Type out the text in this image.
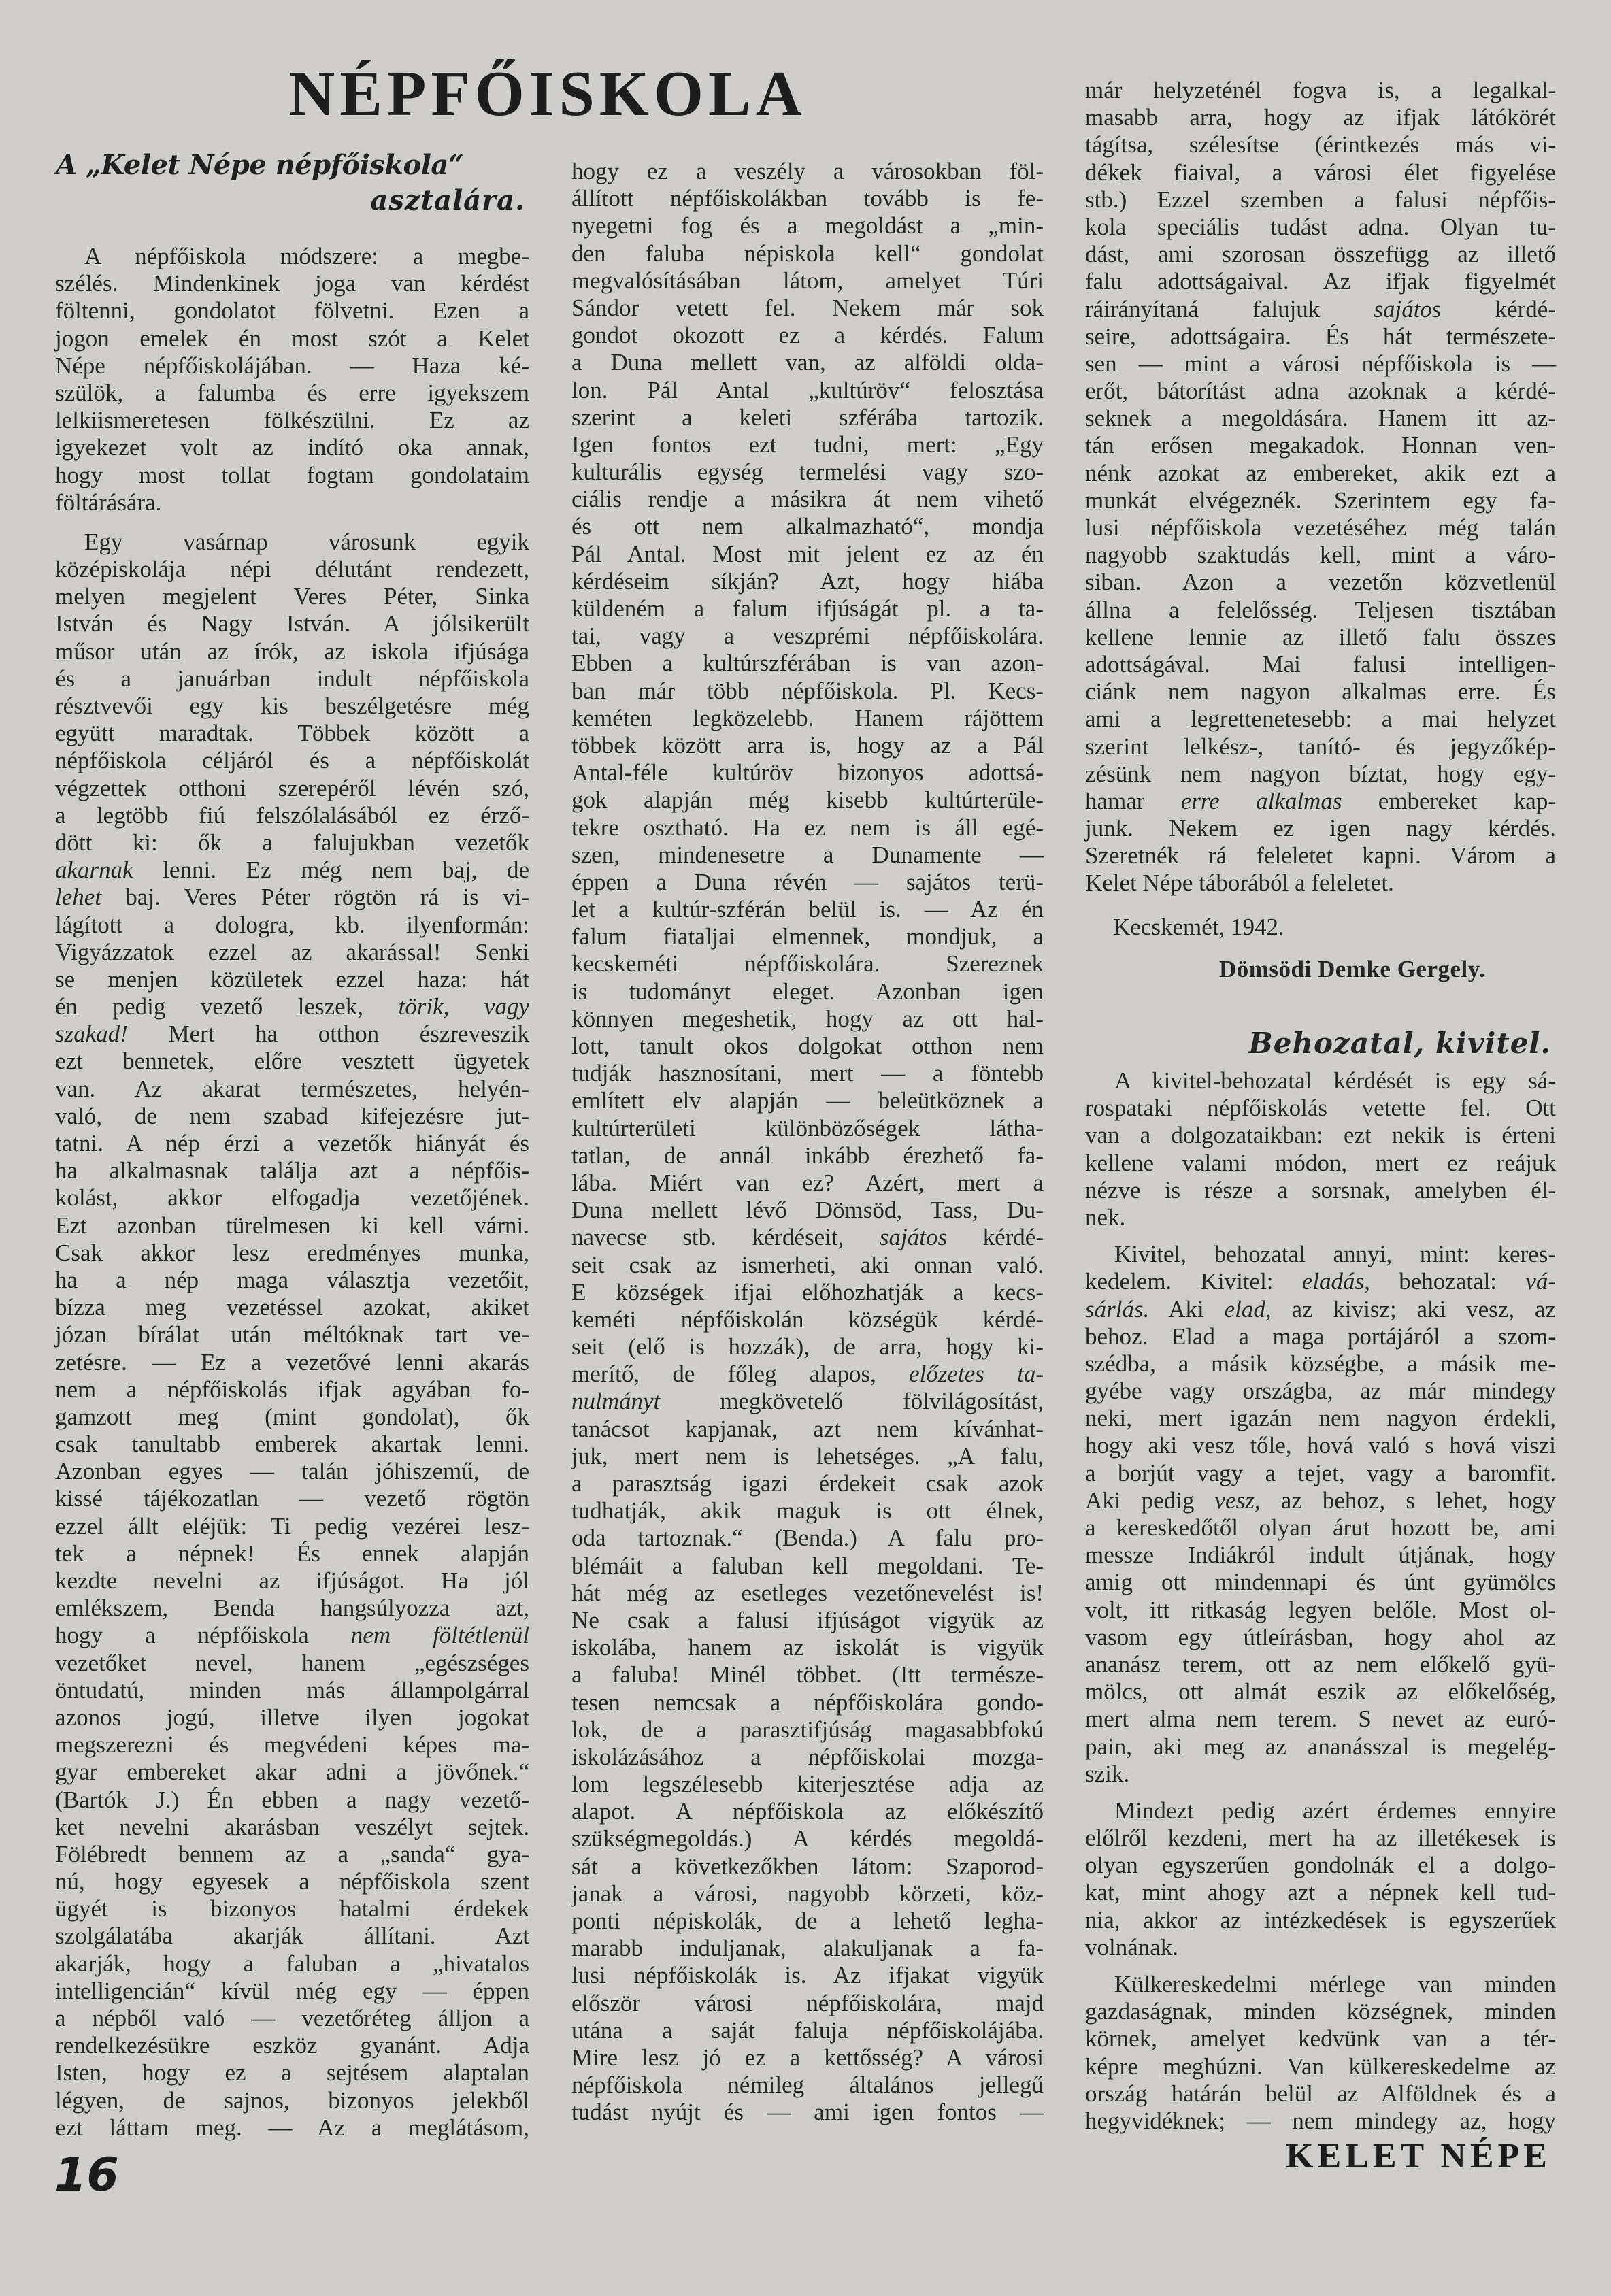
NÉPFŐISKOLA
A „Kelet Népe népfőiskola“
asztalára.
A népfőiskola módszere: a megbe-
szélés. Mindenkinek joga van kérdést
föltenni, gondolatot fölvetni. Ezen a
jogon emelek én most szót a Kelet
Népe népfőiskolájában. — Haza ké-
szülök, a falumba és erre igyekszem
lelkiismeretesen fölkészülni. Ez az
igyekezet volt az indító oka annak,
hogy most tollat fogtam gondolataim
föltárására.
Egy vasárnap városunk egyik
középiskolája népi délutánt rendezett,
melyen megjelent Veres Péter, Sinka
István és Nagy István. A jólsikerült
műsor után az írók, az iskola ifjúsága
és a januárban indult népfőiskola
résztvevői egy kis beszélgetésre még
együtt maradtak. Többek között a
népfőiskola céljáról és a népfőiskolát
végzettek otthoni szerepéről lévén szó,
a legtöbb fiú felszólalásából ez érző-
dött ki: ők a falujukban vezetők
akarnak lenni. Ez még nem baj, de
lehet baj. Veres Péter rögtön rá is vi-
lágított a dologra, kb. ilyenformán:
Vigyázzatok ezzel az akarással! Senki
se menjen közületek ezzel haza: hát
én pedig vezető leszek, törik, vagy
szakad! Mert ha otthon észreveszik
ezt bennetek, előre vesztett ügyetek
van. Az akarat természetes, helyén-
való, de nem szabad kifejezésre jut-
tatni. A nép érzi a vezetők hiányát és
ha alkalmasnak találja azt a népfőis-
kolást, akkor elfogadja vezetőjének.
Ezt azonban türelmesen ki kell várni.
Csak akkor lesz eredményes munka,
ha a nép maga választja vezetőit,
bízza meg vezetéssel azokat, akiket
józan bírálat után méltóknak tart ve-
zetésre. — Ez a vezetővé lenni akarás
nem a népfőiskolás ifjak agyában fo-
gamzott meg (mint gondolat), ők
csak tanultabb emberek akartak lenni.
Azonban egyes — talán jóhiszemű, de
kissé tájékozatlan — vezető rögtön
ezzel állt eléjük: Ti pedig vezérei lesz-
tek a népnek! És ennek alapján
kezdte nevelni az ifjúságot. Ha jól
emlékszem, Benda hangsúlyozza azt,
hogy a népfőiskola nem föltétlenül
vezetőket nevel, hanem „egészséges
öntudatú, minden más állampolgárral
azonos jogú, illetve ilyen jogokat
megszerezni és megvédeni képes ma-
gyar embereket akar adni a jövőnek.“
(Bartók J.) Én ebben a nagy vezető-
ket nevelni akarásban veszélyt sejtek.
Fölébredt bennem az a „sanda“ gya-
nú, hogy egyesek a népfőiskola szent
ügyét is bizonyos hatalmi érdekek
szolgálatába akarják állítani. Azt
akarják, hogy a faluban a „hivatalos
intelligencián“ kívül még egy — éppen
a népből való — vezetőréteg álljon a
rendelkezésükre eszköz gyanánt. Adja
Isten, hogy ez a sejtésem alaptalan
légyen, de sajnos, bizonyos jelekből
ezt láttam meg. — Az a meglátásom,
hogy ez a veszély a városokban föl-
állított népfőiskolákban tovább is fe-
nyegetni fog és a megoldást a „min-
den faluba népiskola kell“ gondolat
megvalósításában látom, amelyet Túri
Sándor vetett fel. Nekem már sok
gondot okozott ez a kérdés. Falum
a Duna mellett van, az alföldi olda-
lon. Pál Antal „kultúröv“ felosztása
szerint a keleti szférába tartozik.
Igen fontos ezt tudni, mert: „Egy
kulturális egység termelési vagy szo-
ciális rendje a másikra át nem vihető
és ott nem alkalmazható“, mondja
Pál Antal. Most mit jelent ez az én
kérdéseim síkján? Azt, hogy hiába
küldeném a falum ifjúságát pl. a ta-
tai, vagy a veszprémi népfőiskolára.
Ebben a kultúrszférában is van azon-
ban már több népfőiskola. Pl. Kecs-
keméten legközelebb. Hanem rájöttem
többek között arra is, hogy az a Pál
Antal-féle kultúröv bizonyos adottsá-
gok alapján még kisebb kultúrterüle-
tekre osztható. Ha ez nem is áll egé-
szen, mindenesetre a Dunamente —
éppen a Duna révén — sajátos terü-
let a kultúr-szférán belül is. — Az én
falum fiataljai elmennek, mondjuk, a
kecskeméti népfőiskolára. Szereznek
is tudományt eleget. Azonban igen
könnyen megeshetik, hogy az ott hal-
lott, tanult okos dolgokat otthon nem
tudják hasznosítani, mert — a föntebb
említett elv alapján — beleütköznek a
kultúrterületi különbözőségek látha-
tatlan, de annál inkább érezhető fa-
lába. Miért van ez? Azért, mert a
Duna mellett lévő Dömsöd, Tass, Du-
navecse stb. kérdéseit, sajátos kérdé-
seit csak az ismerheti, aki onnan való.
E községek ifjai előhozhatják a kecs-
keméti népfőiskolán községük kérdé-
seit (elő is hozzák), de arra, hogy ki-
merítő, de főleg alapos, előzetes ta-
nulmányt megkövetelő fölvilágosítást,
tanácsot kapjanak, azt nem kívánhat-
juk, mert nem is lehetséges. „A falu,
a parasztság igazi érdekeit csak azok
tudhatják, akik maguk is ott élnek,
oda tartoznak.“ (Benda.) A falu pro-
blémáit a faluban kell megoldani. Te-
hát még az esetleges vezetőnevelést is!
Ne csak a falusi ifjúságot vigyük az
iskolába, hanem az iskolát is vigyük
a faluba! Minél többet. (Itt természe-
tesen nemcsak a népfőiskolára gondo-
lok, de a parasztifjúság magasabbfokú
iskolázásához a népfőiskolai mozga-
lom legszélesebb kiterjesztése adja az
alapot. A népfőiskola az előkészítő
szükségmegoldás.) A kérdés megoldá-
sát a következőkben látom: Szaporod-
janak a városi, nagyobb körzeti, köz-
ponti népiskolák, de a lehető legha-
marabb induljanak, alakuljanak a fa-
lusi népfőiskolák is. Az ifjakat vigyük
először városi népfőiskolára, majd
utána a saját faluja népfőiskolájába.
Mire lesz jó ez a kettősség? A városi
népfőiskola némileg általános jellegű
tudást nyújt és — ami igen fontos —
már helyzeténél fogva is, a legalkal-
masabb arra, hogy az ifjak látókörét
tágítsa, szélesítse (érintkezés más vi-
dékek fiaival, a városi élet figyelése
stb.) Ezzel szemben a falusi népfőis-
kola speciális tudást adna. Olyan tu-
dást, ami szorosan összefügg az illető
falu adottságaival. Az ifjak figyelmét
ráirányítaná falujuk sajátos kérdé-
seire, adottságaira. És hát természete-
sen — mint a városi népfőiskola is —
erőt, bátorítást adna azoknak a kérdé-
seknek a megoldására. Hanem itt az-
tán erősen megakadok. Honnan ven-
nénk azokat az embereket, akik ezt a
munkát elvégeznék. Szerintem egy fa-
lusi népfőiskola vezetéséhez még talán
nagyobb szaktudás kell, mint a váro-
siban. Azon a vezetőn közvetlenül
állna a felelősség. Teljesen tisztában
kellene lennie az illető falu összes
adottságával. Mai falusi intelligen-
ciánk nem nagyon alkalmas erre. És
ami a legrettenetesebb: a mai helyzet
szerint lelkész-, tanító- és jegyzőkép-
zésünk nem nagyon bíztat, hogy egy-
hamar erre alkalmas embereket kap-
junk. Nekem ez igen nagy kérdés.
Szeretnék rá feleletet kapni. Várom a
Kelet Népe táborából a feleletet.
Kecskemét, 1942.
Dömsödi Demke Gergely.
Behozatal, kivitel.
A kivitel-behozatal kérdését is egy sá-
rospataki népfőiskolás vetette fel. Ott
van a dolgozataikban: ezt nekik is érteni
kellene valami módon, mert ez reájuk
nézve is része a sorsnak, amelyben él-
nek.
Kivitel, behozatal annyi, mint: keres-
kedelem. Kivitel: eladás, behozatal: vá-
sárlás. Aki elad, az kivisz; aki vesz, az
behoz. Elad a maga portájáról a szom-
szédba, a másik községbe, a másik me-
gyébe vagy országba, az már mindegy
neki, mert igazán nem nagyon érdekli,
hogy aki vesz tőle, hová való s hová viszi
a borjút vagy a tejet, vagy a baromfit.
Aki pedig vesz, az behoz, s lehet, hogy
a kereskedőtől olyan árut hozott be, ami
messze Indiákról indult útjának, hogy
amig ott mindennapi és únt gyümölcs
volt, itt ritkaság legyen belőle. Most ol-
vasom egy útleírásban, hogy ahol az
ananász terem, ott az nem előkelő gyü-
mölcs, ott almát eszik az előkelőség,
mert alma nem terem. S nevet az euró-
pain, aki meg az ananásszal is megelég-
szik.
Mindezt pedig azért érdemes ennyire
előlről kezdeni, mert ha az illetékesek is
olyan egyszerűen gondolnák el a dolgo-
kat, mint ahogy azt a népnek kell tud-
nia, akkor az intézkedések is egyszerűek
volnának.
Külkereskedelmi mérlege van minden
gazdaságnak, minden községnek, minden
körnek, amelyet kedvünk van a tér-
képre meghúzni. Van külkereskedelme az
ország határán belül az Alföldnek és a
hegyvidéknek; — nem mindegy az, hogy
16	KELET NÉPE
